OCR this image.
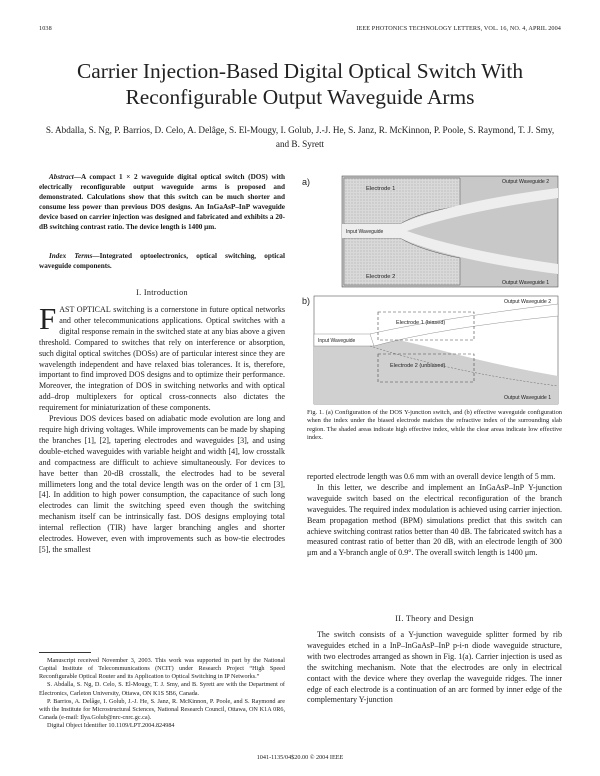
1038	IEEE PHOTONICS TECHNOLOGY LETTERS, VOL. 16, NO. 4, APRIL 2004
Carrier Injection-Based Digital Optical Switch With Reconfigurable Output Waveguide Arms
S. Abdalla, S. Ng, P. Barrios, D. Celo, A. Delâge, S. El-Mougy, I. Golub, J.-J. He, S. Janz, R. McKinnon, P. Poole, S. Raymond, T. J. Smy, and B. Syrett
Abstract—A compact 1 × 2 waveguide digital optical switch (DOS) with electrically reconfigurable output waveguide arms is proposed and demonstrated. Calculations show that this switch can be much shorter and consume less power than previous DOS designs. An InGaAsP–InP waveguide device based on carrier injection was designed and fabricated and exhibits a 20-dB switching contrast ratio. The device length is 1400 μm.
Index Terms—Integrated optoelectronics, optical switching, optical waveguide components.
I. Introduction

FAST OPTICAL switching is a cornerstone in future optical networks and other telecommunications applications. Optical switches with a digital response remain in the switched state at any bias above a given threshold. Compared to switches that rely on interference or absorption, such digital optical switches (DOSs) are of particular interest since they are wavelength independent and have relaxed bias tolerances. It is, therefore, important to find improved DOS designs and to optimize their performance. Moreover, the integration of DOS in switching networks and with optical add–drop multiplexers for optical cross-connects also dictates the requirement for miniaturization of these components.

Previous DOS devices based on adiabatic mode evolution are long and require high driving voltages. While improvements can be made by shaping the branches [1], [2], tapering electrodes and waveguides [3], and using double-etched waveguides with variable height and width [4], low crosstalk and compactness are difficult to achieve simultaneously. For devices to have better than 20-dB crosstalk, the electrodes had to be several millimeters long and the total device length was on the order of 1 cm [3], [4]. In addition to high power consumption, the capacitance of such long electrodes can limit the switching speed even though the switching mechanism itself can be intrinsically fast. DOS designs employing total internal reflection (TIR) have larger branching angles and shorter electrodes. However, even with improvements such as bow-tie electrodes [5], the smallest

Manuscript received November 3, 2003. This work was supported in part by the National Capital Institute of Telecommunications (NCIT) under Research Project “High Speed Reconfigurable Optical Router and its Application to Optical Switching in IP Networks.”

S. Abdalla, S. Ng, D. Celo, S. El-Mougy, T. J. Smy, and B. Syrett are with the Department of Electronics, Carleton University, Ottawa, ON K1S 5B6, Canada.

P. Barrios, A. Delâge, I. Golub, J.-J. He, S. Janz, R. McKinnon, P. Poole, and S. Raymond are with the Institute for Microstructural Sciences, National Research Council, Ottawa, ON K1A 0R6, Canada (e-mail: Ilya.Golub@nrc-cnrc.gc.ca).

Digital Object Identifier 10.1109/LPT.2004.824984

a)
Electrode 1
Electrode 2
Input Waveguide
Output Waveguide 2
Output Waveguide 1
b)
Electrode 1 (biased)
Electrode 2 (unbiased)
Input Waveguide
Output Waveguide 2
Output Waveguide 1
Fig. 1. (a) Configuration of the DOS Y-junction switch, and (b) effective waveguide configuration when the index under the biased electrode matches the refractive index of the surrounding slab region. The shaded areas indicate high effective index, while the clear areas indicate low effective index.

reported electrode length was 0.6 mm with an overall device length of 5 mm.

In this letter, we describe and implement an InGaAsP–InP Y-junction waveguide switch based on the electrical reconfiguration of the branch waveguides. The required index modulation is achieved using carrier injection. Beam propagation method (BPM) simulations predict that this switch can achieve switching contrast ratios better than 40 dB. The fabricated switch has a measured contrast ratio of better than 20 dB, with an electrode length of 300 μm and a Y-branch angle of 0.9°. The overall switch length is 1400 μm.

II. Theory and Design

The switch consists of a Y-junction waveguide splitter formed by rib waveguides etched in a InP–InGaAsP–InP p-i-n diode waveguide structure, with two electrodes arranged as shown in Fig. 1(a). Carrier injection is used as the switching mechanism. Note that the electrodes are only in electrical contact with the device where they overlap the waveguide ridges. The inner edge of each electrode is a continuation of an arc formed by inner edge of the complementary Y-junction

1041-1135/04$20.00 © 2004 IEEE
